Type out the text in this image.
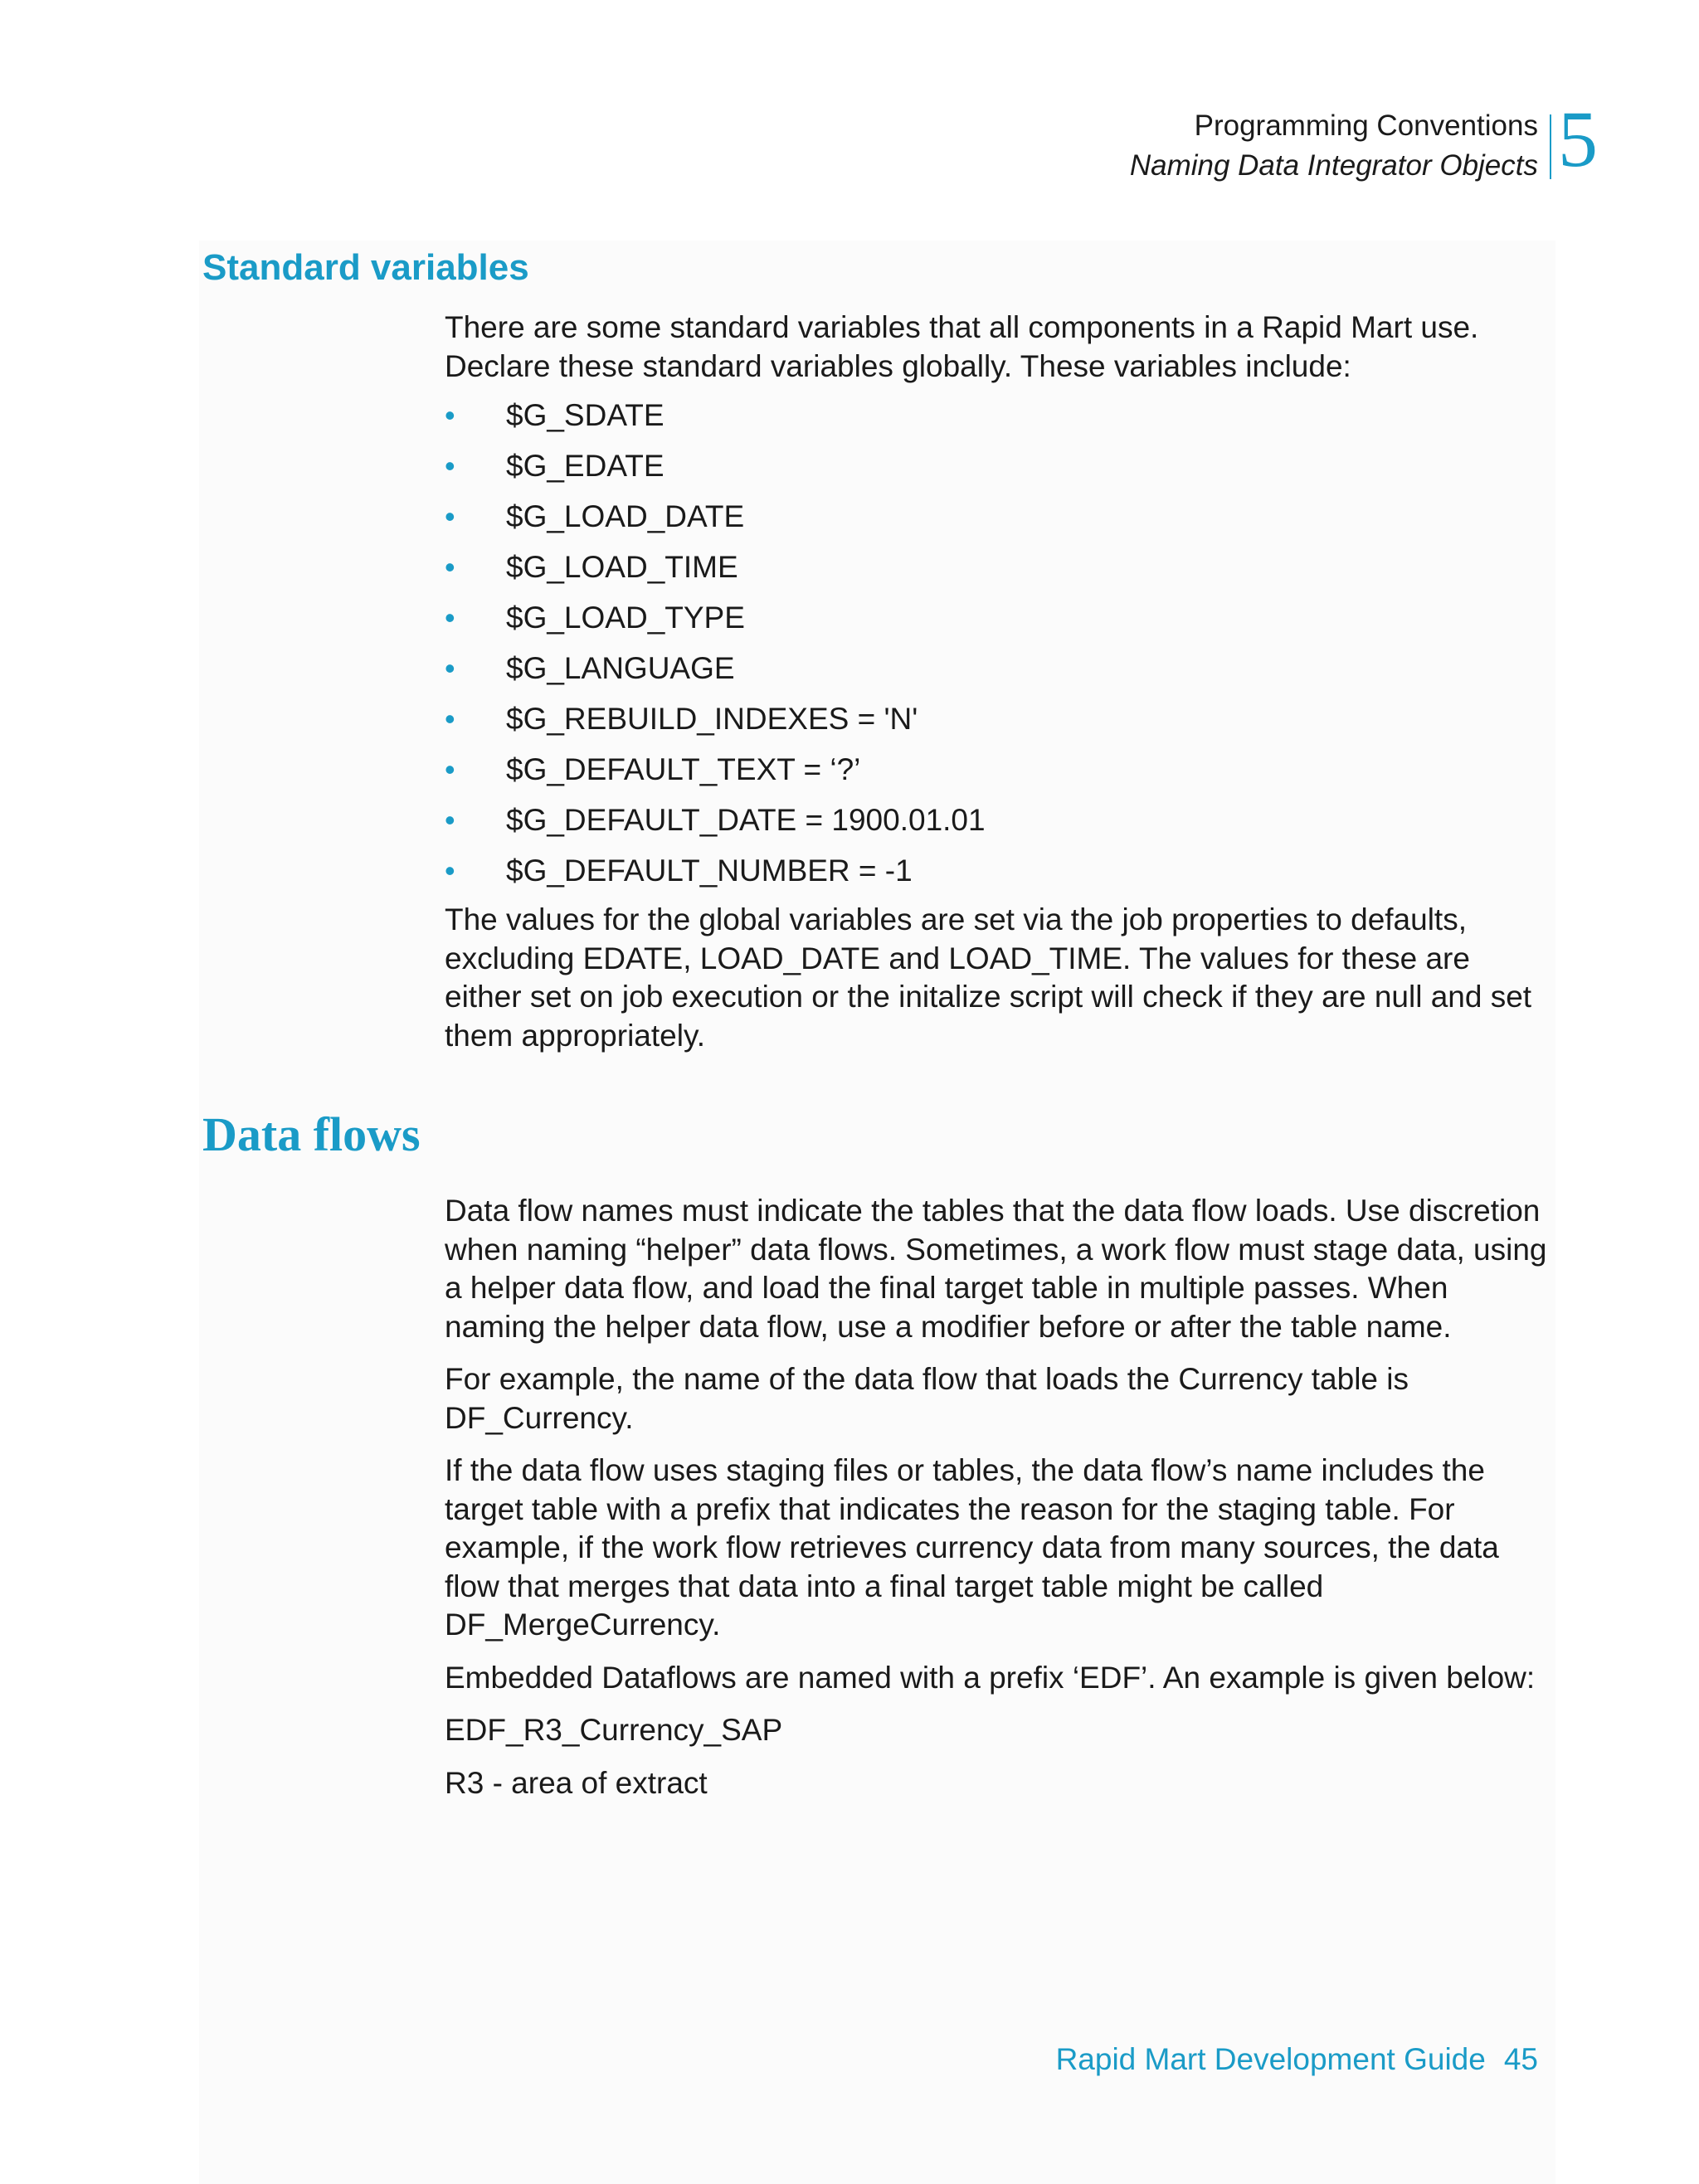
Programming Conventions
Naming Data Integrator Objects 5
Standard variables

There are some standard variables that all components in a Rapid Mart use. Declare these standard variables globally. These variables include:

• $G_SDATE
• $G_EDATE
• $G_LOAD_DATE
• $G_LOAD_TIME
• $G_LOAD_TYPE
• $G_LANGUAGE
• $G_REBUILD_INDEXES = 'N'
• $G_DEFAULT_TEXT = ‘?’
• $G_DEFAULT_DATE = 1900.01.01
• $G_DEFAULT_NUMBER = -1

The values for the global variables are set via the job properties to defaults, excluding EDATE, LOAD_DATE and LOAD_TIME. The values for these are either set on job execution or the initalize script will check if they are null and set them appropriately.

Data flows

Data flow names must indicate the tables that the data flow loads. Use discretion when naming “helper” data flows. Sometimes, a work flow must stage data, using a helper data flow, and load the final target table in multiple passes. When naming the helper data flow, use a modifier before or after the table name.

For example, the name of the data flow that loads the Currency table is DF_Currency.

If the data flow uses staging files or tables, the data flow’s name includes the target table with a prefix that indicates the reason for the staging table. For example, if the work flow retrieves currency data from many sources, the data flow that merges that data into a final target table might be called DF_MergeCurrency.

Embedded Dataflows are named with a prefix ‘EDF’. An example is given below:

EDF_R3_Currency_SAP

R3 - area of extract

Rapid Mart Development Guide 45
